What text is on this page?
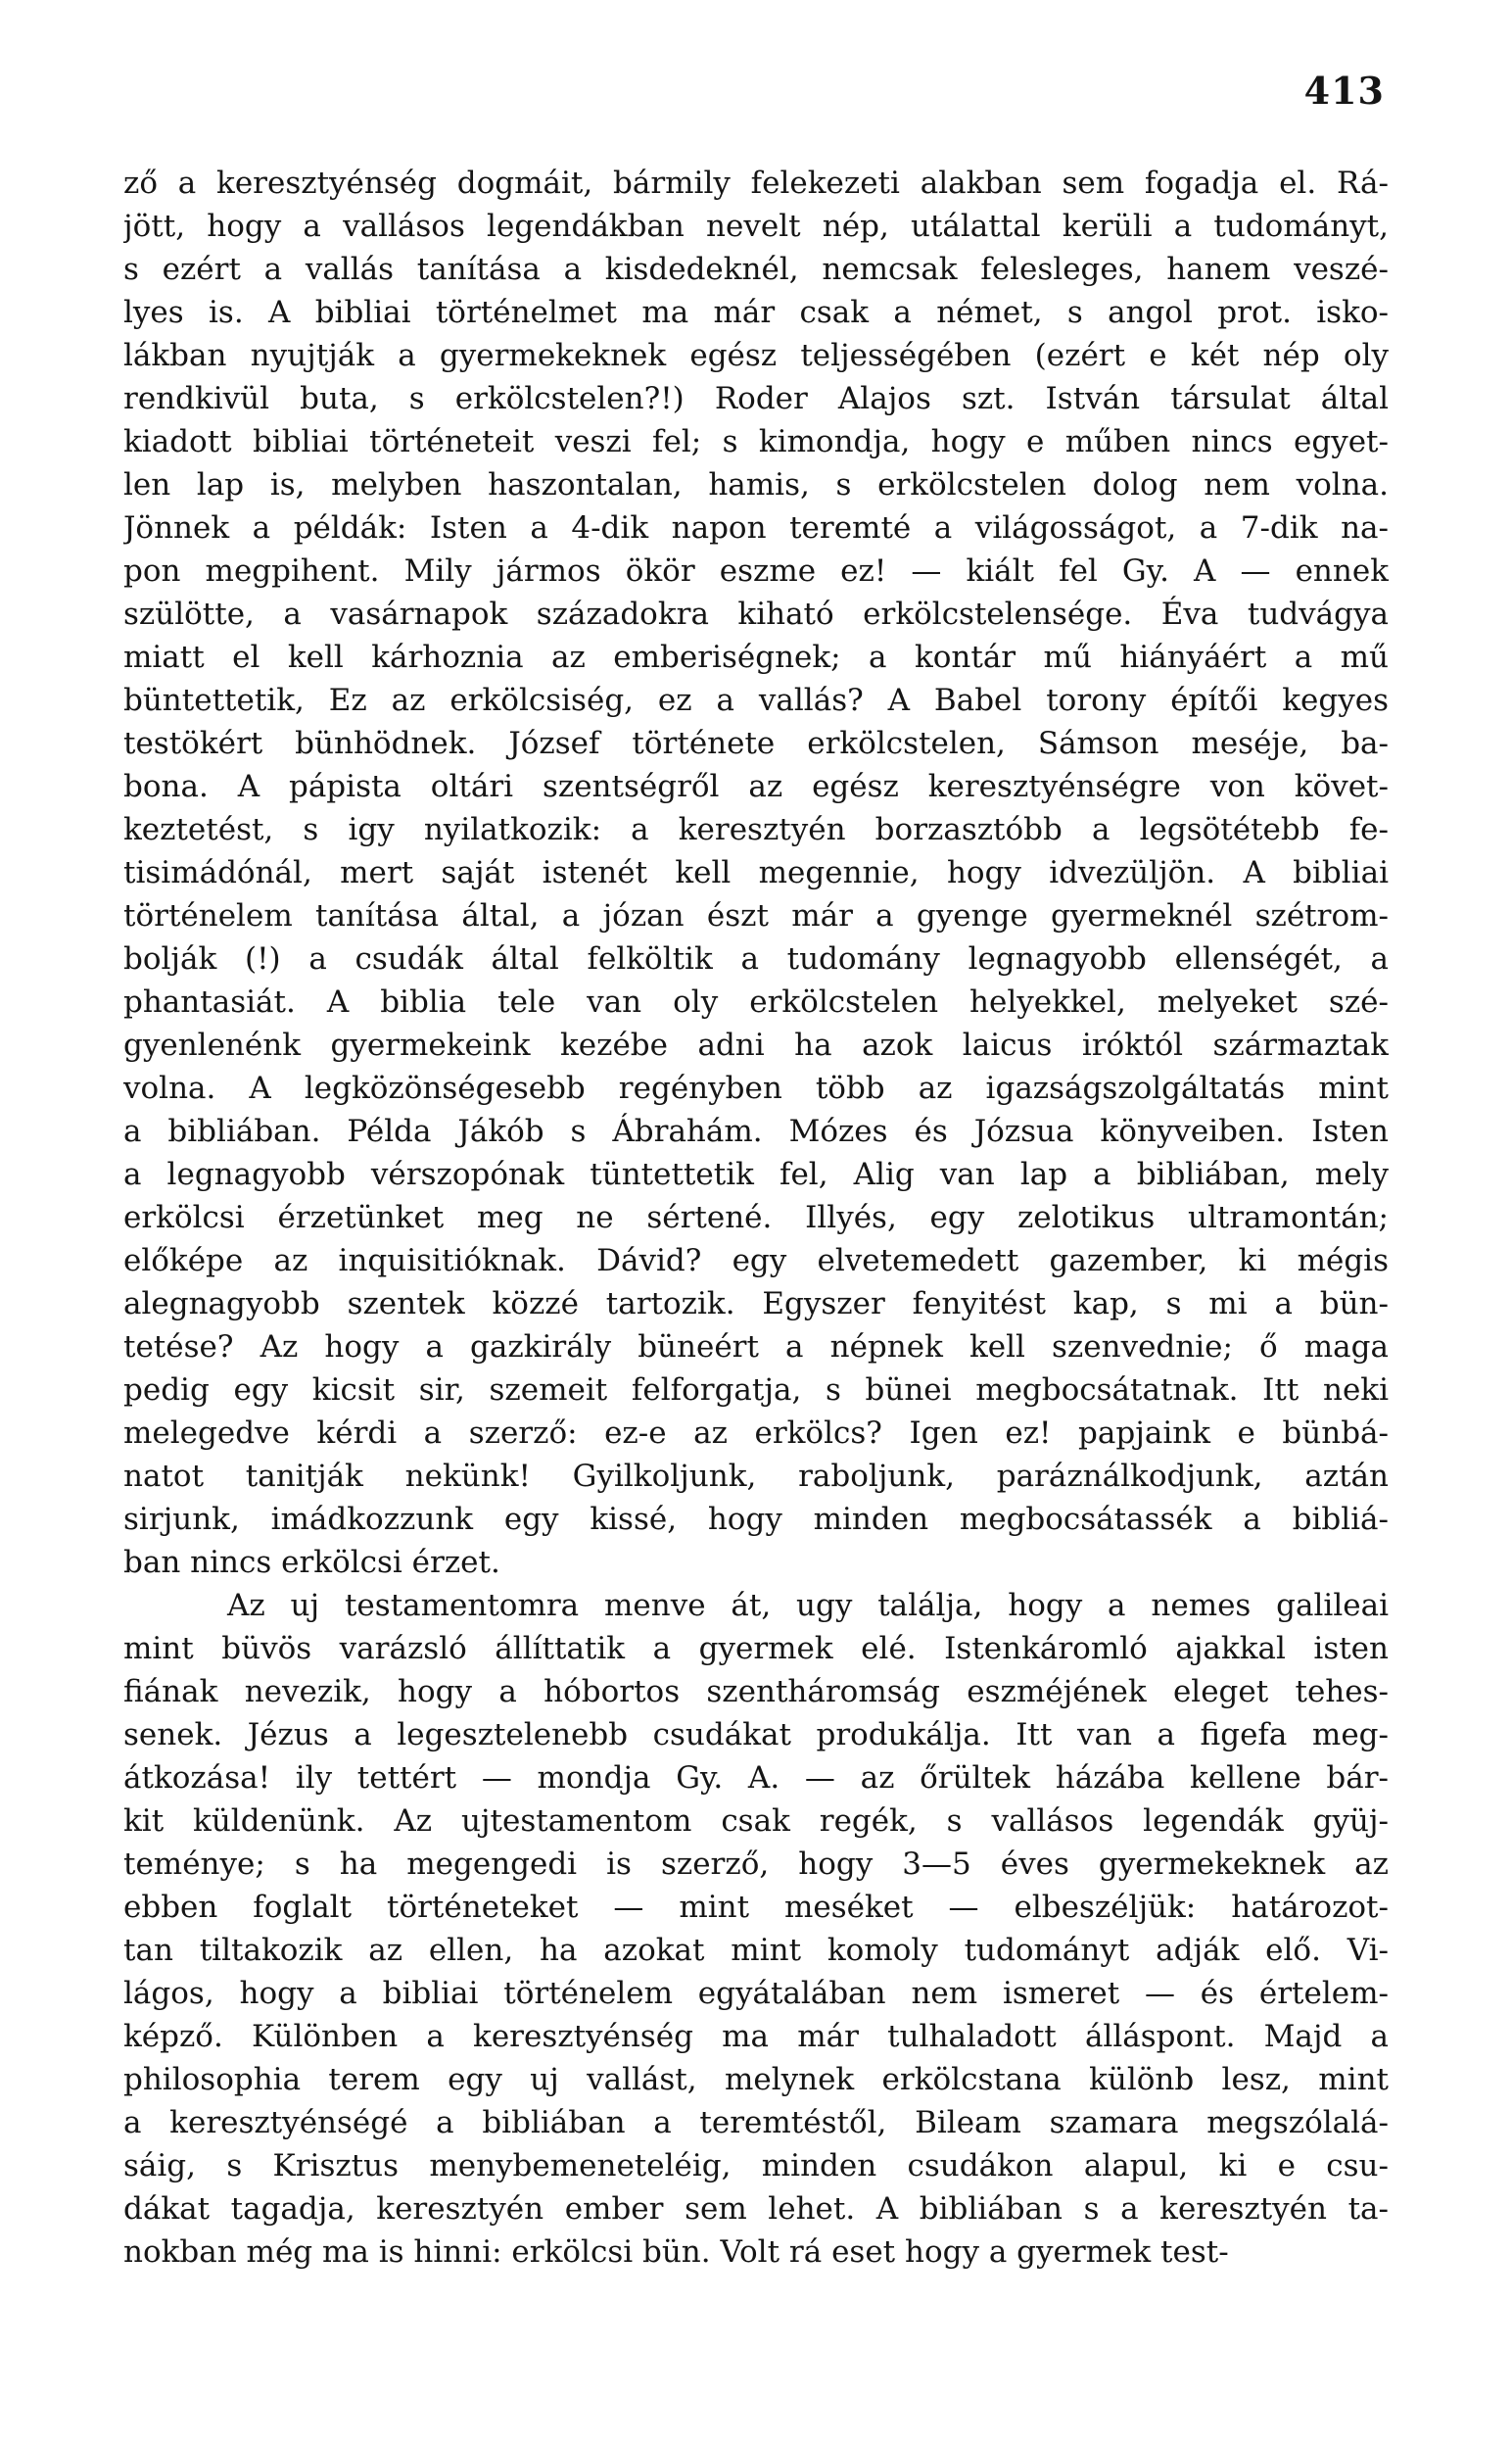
413
ző a keresztyénség dogmáit, bármily felekezeti alakban sem fogadja el. Rá-
jött, hogy a vallásos legendákban nevelt nép, utálattal kerüli a tudományt,
s ezért a vallás tanítása a kisdedeknél, nemcsak felesleges, hanem veszé-
lyes is. A bibliai történelmet ma már csak a német, s angol prot. isko-
lákban nyujtják a gyermekeknek egész teljességében (ezért e két nép oly
rendkivül buta, s erkölcstelen?!) Roder Alajos szt. István társulat által
kiadott bibliai történeteit veszi fel; s kimondja, hogy e műben nincs egyet-
len lap is, melyben haszontalan, hamis, s erkölcstelen dolog nem volna.
Jönnek a példák: Isten a 4-dik napon teremté a világosságot, a 7-dik na-
pon megpihent. Mily jármos ökör eszme ez! — kiált fel Gy. A — ennek
szülötte, a vasárnapok századokra kiható erkölcstelensége. Éva tudvágya
miatt el kell kárhoznia az emberiségnek; a kontár mű hiányáért a mű
büntettetik, Ez az erkölcsiség, ez a vallás? A Babel torony építői kegyes
testökért bünhödnek. József története erkölcstelen, Sámson meséje, ba-
bona. A pápista oltári szentségről az egész keresztyénségre von követ-
keztetést, s igy nyilatkozik: a keresztyén borzasztóbb a legsötétebb fe-
tisimádónál, mert saját istenét kell megennie, hogy idvezüljön. A bibliai
történelem tanítása által, a józan észt már a gyenge gyermeknél szétrom-
bolják (!) a csudák által felköltik a tudomány legnagyobb ellenségét, a
phantasiát. A biblia tele van oly erkölcstelen helyekkel, melyeket szé-
gyenlenénk gyermekeink kezébe adni ha azok laicus iróktól származtak
volna. A legközönségesebb regényben több az igazságszolgáltatás mint
a bibliában. Példa Jákób s Ábrahám. Mózes és Józsua könyveiben. Isten
a legnagyobb vérszopónak tüntettetik fel, Alig van lap a bibliában, mely
erkölcsi érzetünket meg ne sértené. Illyés, egy zelotikus ultramontán;
előképe az inquisitióknak. Dávid? egy elvetemedett gazember, ki mégis
alegnagyobb szentek közzé tartozik. Egyszer fenyitést kap, s mi a bün-
tetése? Az hogy a gazkirály büneért a népnek kell szenvednie; ő maga
pedig egy kicsit sir, szemeit felforgatja, s bünei megbocsátatnak. Itt neki
melegedve kérdi a szerző: ez-e az erkölcs? Igen ez! papjaink e bünbá-
natot tanitják nekünk! Gyilkoljunk, raboljunk, paráználkodjunk, aztán
sirjunk, imádkozzunk egy kissé, hogy minden megbocsátassék a bibliá-
ban nincs erkölcsi érzet.
Az uj testamentomra menve át, ugy találja, hogy a nemes galileai
mint büvös varázsló állíttatik a gyermek elé. Istenkáromló ajakkal isten
fiának nevezik, hogy a hóbortos szentháromság eszméjének eleget tehes-
senek. Jézus a legesztelenebb csudákat produkálja. Itt van a figefa meg-
átkozása! ily tettért — mondja Gy. A. — az őrültek házába kellene bár-
kit küldenünk. Az ujtestamentom csak regék, s vallásos legendák gyüj-
teménye; s ha megengedi is szerző, hogy 3—5 éves gyermekeknek az
ebben foglalt történeteket — mint meséket — elbeszéljük: határozot-
tan tiltakozik az ellen, ha azokat mint komoly tudományt adják elő. Vi-
lágos, hogy a bibliai történelem egyátalában nem ismeret — és értelem-
képző. Különben a keresztyénség ma már tulhaladott álláspont. Majd a
philosophia terem egy uj vallást, melynek erkölcstana különb lesz, mint
a keresztyénségé a bibliában a teremtéstől, Bileam szamara megszólalá-
sáig, s Krisztus menybemeneteléig, minden csudákon alapul, ki e csu-
dákat tagadja, keresztyén ember sem lehet. A bibliában s a keresztyén ta-
nokban még ma is hinni: erkölcsi bün. Volt rá eset hogy a gyermek test-
